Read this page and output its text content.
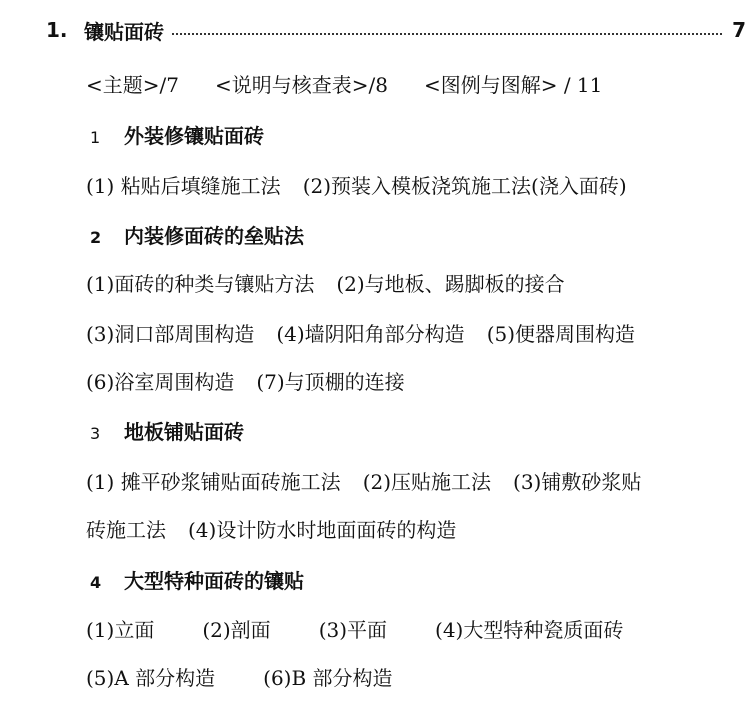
1. 镶贴面砖	7
<主题>/7 <说明与核查表>/8 <图例与图解> / 11
1 外装修镶贴面砖
(1) 粘贴后填缝施工法 (2)预装入模板浇筑施工法(浇入面砖)
2 内装修面砖的垒贴法
(1)面砖的种类与镶贴方法 (2)与地板、踢脚板的接合
(3)洞口部周围构造 (4)墙阴阳角部分构造 (5)便器周围构造
(6)浴室周围构造 (7)与顶棚的连接
3 地板铺贴面砖
(1) 摊平砂浆铺贴面砖施工法 (2)压贴施工法 (3)铺敷砂浆贴
砖施工法 (4)设计防水时地面面砖的构造
4 大型特种面砖的镶贴
(1)立面 (2)剖面 (3)平面 (4)大型特种瓷质面砖
(5)A 部分构造 (6)B 部分构造
